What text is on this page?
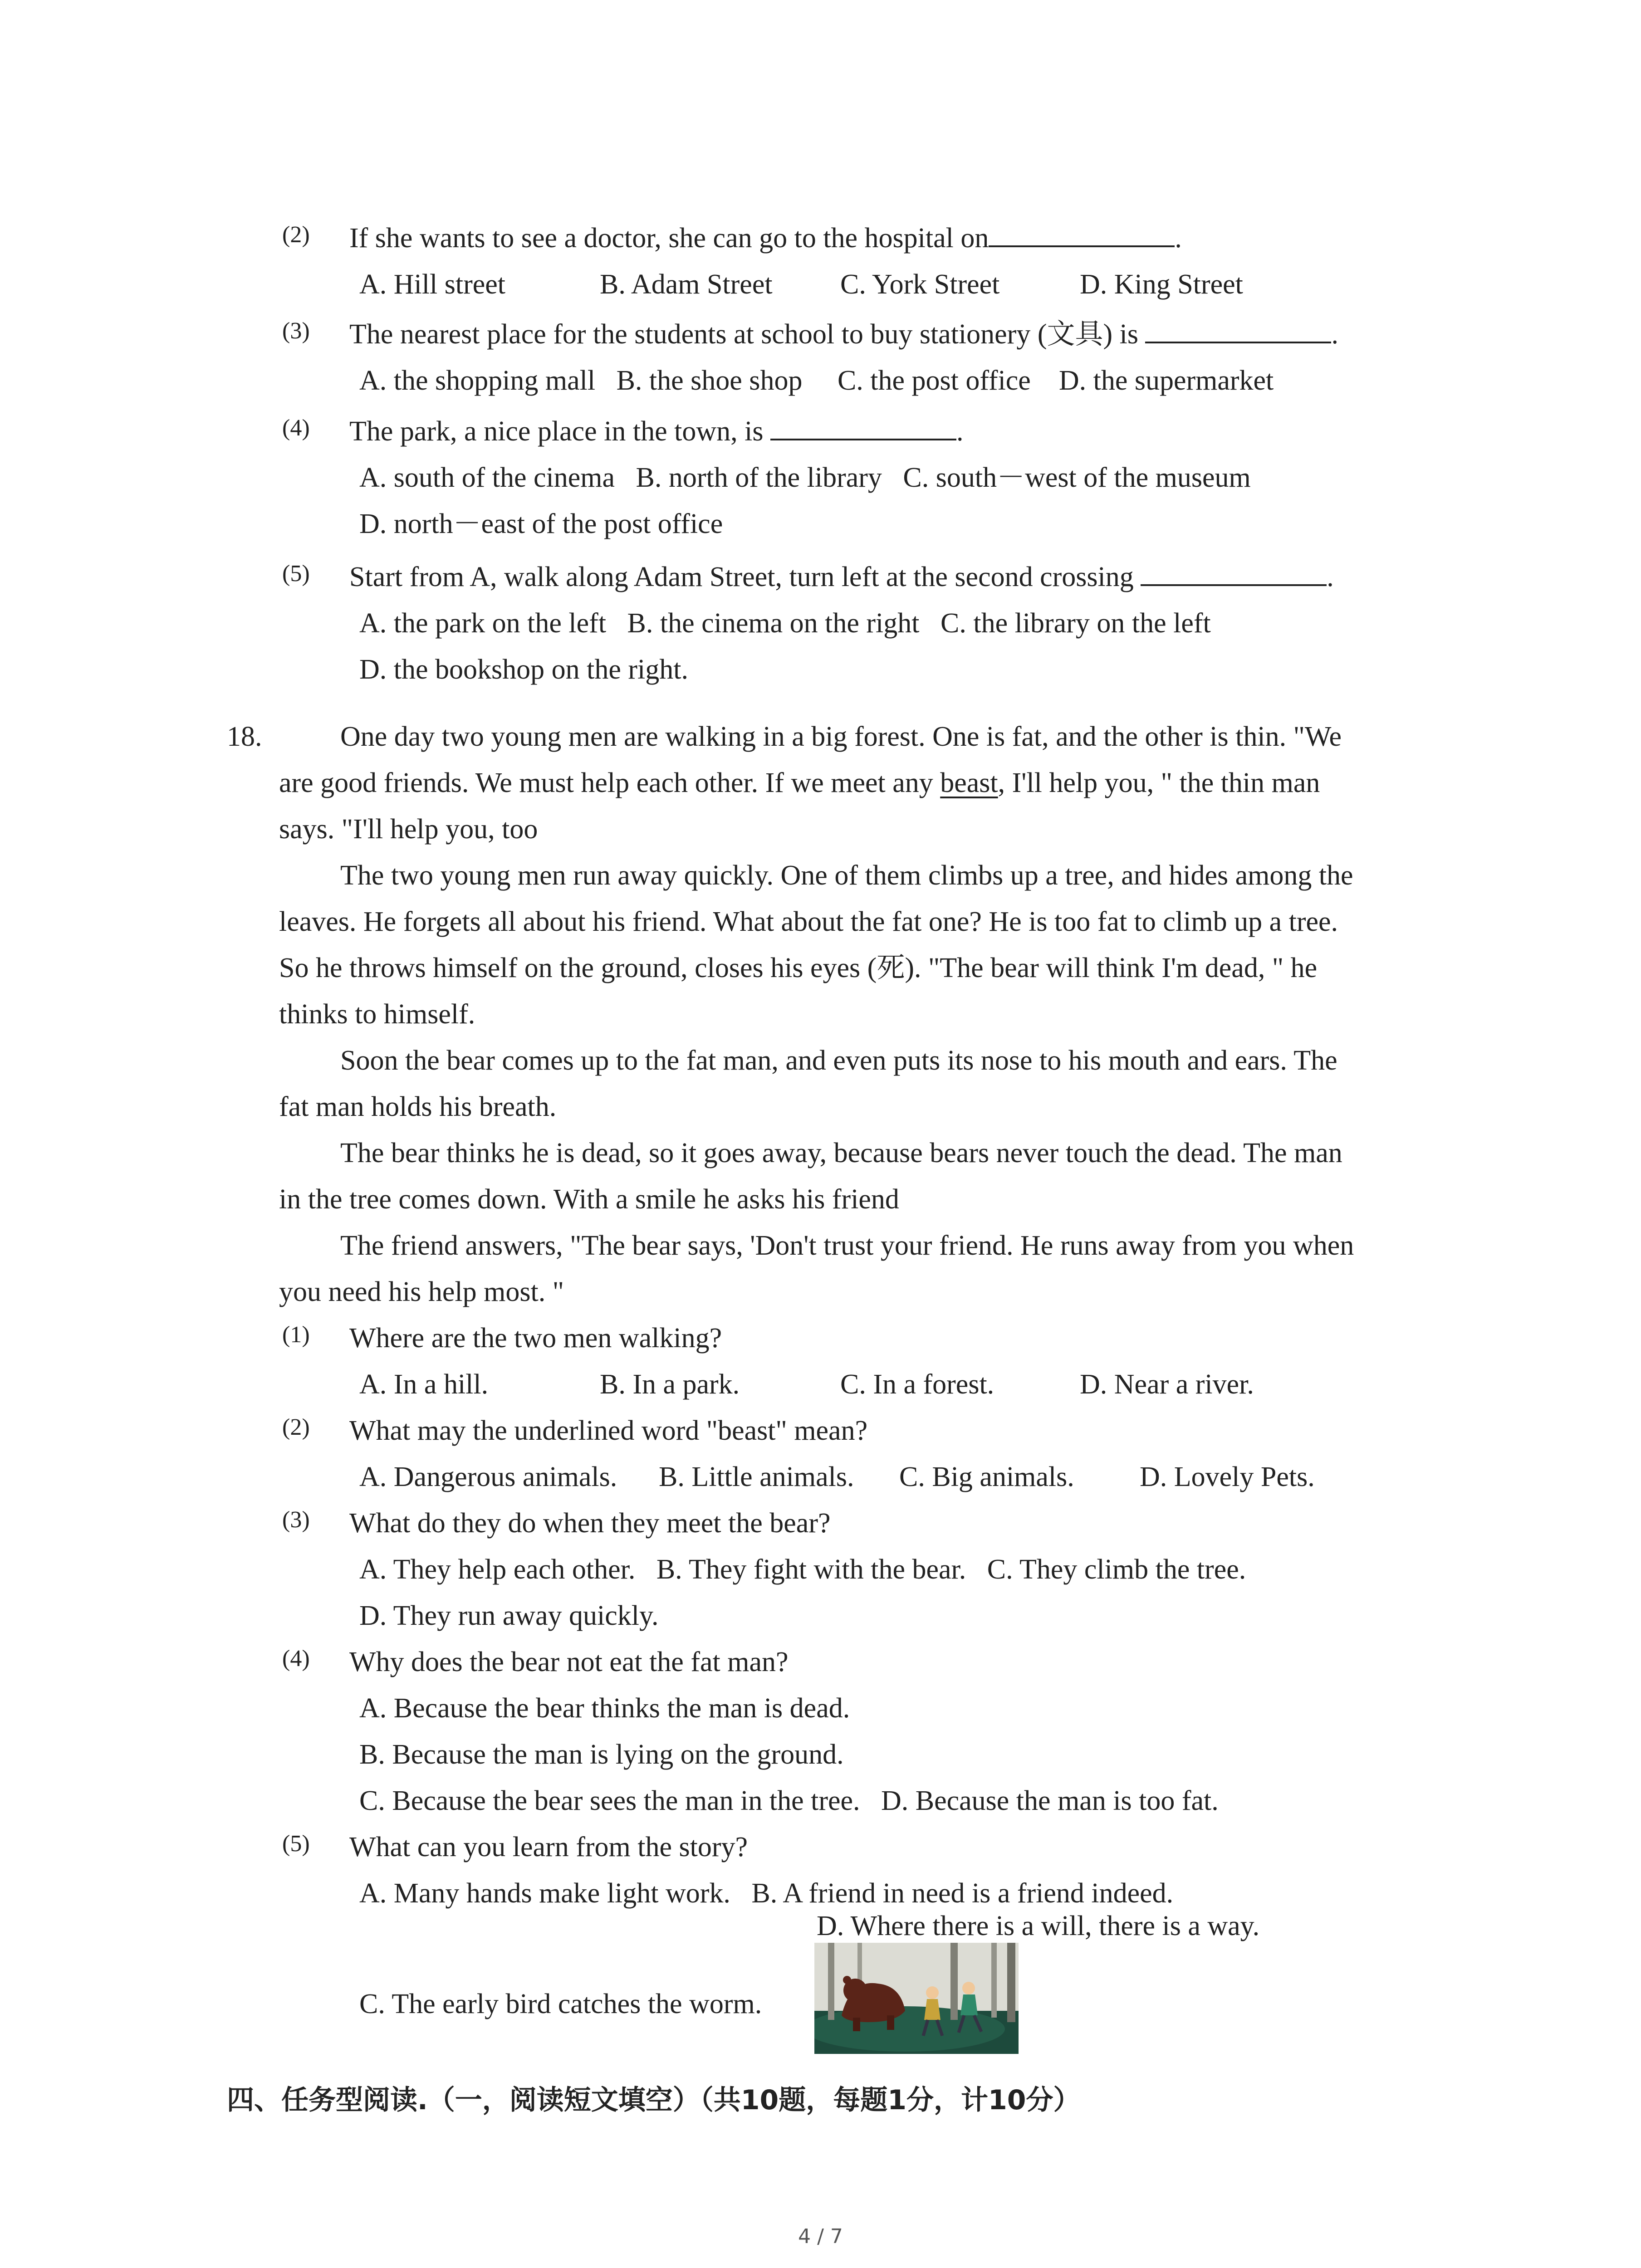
(2) If she wants to see a doctor, she can go to the hospital on	.
A. Hill street	B. Adam Street C. York Street	D. King Street
(3) The nearest place for the students at school to buy stationery (文具) is	.
A. the shopping mall   B. the shoe shop     C. the post office    D. the supermarket
(4) The park, a nice place in the town, is	.
A. south of the cinema   B. north of the library   C. south－west of the museum
D. north－east of the post office
(5) Start from A, walk along Adam Street, turn left at the second crossing	.
A. the park on the left   B. the cinema on the right   C. the library on the left
D. the bookshop on the right.
18.	One day two young men are walking in a big forest. One is fat, and the other is thin. "We
are good friends. We must help each other. If we meet any beast, I'll help you, " the thin man
says. "I'll help you, too
The two young men run away quickly. One of them climbs up a tree, and hides among the
leaves. He forgets all about his friend. What about the fat one? He is too fat to climb up a tree.
So he throws himself on the ground, closes his eyes (死). "The bear will think I'm dead, " he
thinks to himself.
Soon the bear comes up to the fat man, and even puts its nose to his mouth and ears. The
fat man holds his breath.
The bear thinks he is dead, so it goes away, because bears never touch the dead. The man
in the tree comes down. With a smile he asks his friend
The friend answers, "The bear says, 'Don't trust your friend. He runs away from you when
you need his help most. "
(1) Where are the two men walking?
A. In a hill.	B. In a park.	C. In a forest.	D. Near a river.
(2) What may the underlined word "beast" mean?
A. Dangerous animals. B. Little animals. C. Big animals. D. Lovely Pets.
(3) What do they do when they meet the bear?
A. They help each other.   B. They fight with the bear.   C. They climb the tree.
D. They run away quickly.
(4) Why does the bear not eat the fat man?
A. Because the bear thinks the man is dead.
B. Because the man is lying on the ground.
C. Because the bear sees the man in the tree.   D. Because the man is too fat.
(5) What can you learn from the story?
A. Many hands make light work.   B. A friend in need is a friend indeed.
D. Where there is a will, there is a way.
C. The early bird catches the worm.
四、任务型阅读.（一，阅读短文填空）（共10题，每题1分，计10分）
4 / 7
